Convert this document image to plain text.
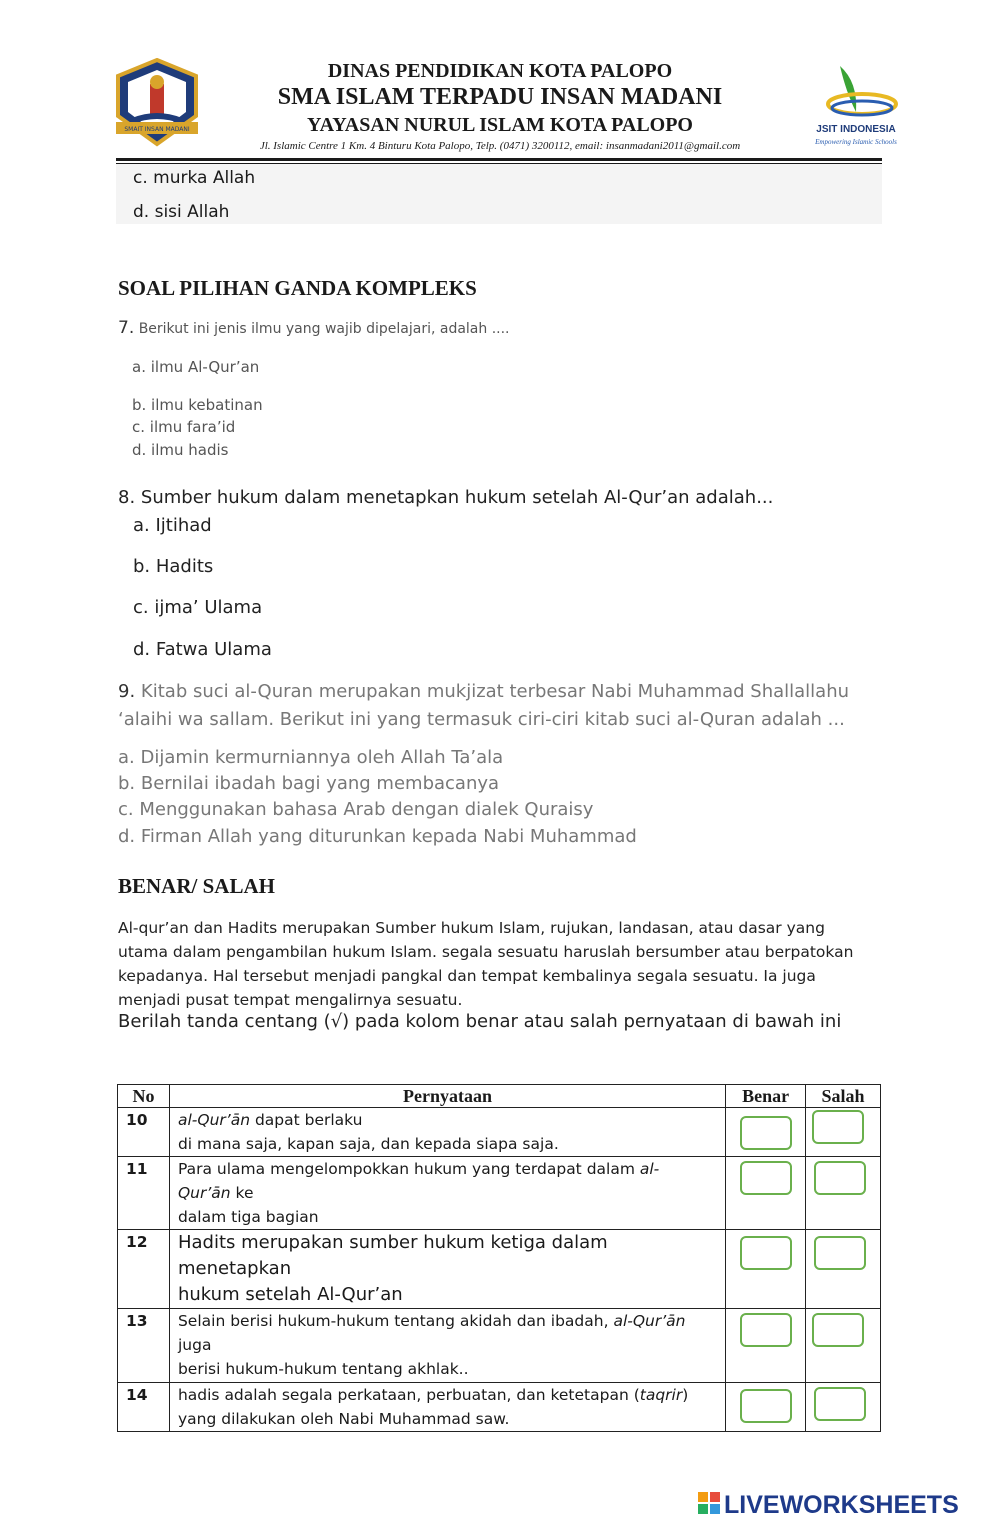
SMAIT INSAN MADANI	JSIT INDONESIA
Empowering Islamic Schools
DINAS PENDIDIKAN KOTA PALOPO
SMA ISLAM TERPADU INSAN MADANI
YAYASAN NURUL ISLAM KOTA PALOPO
Jl. Islamic Centre 1 Km. 4 Binturu Kota Palopo, Telp. (0471) 3200112, email: insanmadani2011@gmail.com
c. murka Allah
d. sisi Allah
SOAL PILIHAN GANDA KOMPLEKS
7. Berikut ini jenis ilmu yang wajib dipelajari, adalah ....
a. ilmu Al-Qur’an
b. ilmu kebatinan
c. ilmu fara’id
d. ilmu hadis
8. Sumber hukum dalam menetapkan hukum setelah Al-Qur’an adalah...
a. Ijtihad
b. Hadits
c. ijma’ Ulama
d. Fatwa Ulama
9. Kitab suci al-Quran merupakan mukjizat terbesar Nabi Muhammad Shallallahu ‘alaihi wa sallam. Berikut ini yang termasuk ciri-ciri kitab suci al-Quran adalah ...
a. Dijamin kermurniannya oleh Allah Ta’ala
b. Bernilai ibadah bagi yang membacanya
c. Menggunakan bahasa Arab dengan dialek Quraisy
d. Firman Allah yang diturunkan kepada Nabi Muhammad
BENAR/ SALAH
Al-qur’an dan Hadits merupakan Sumber hukum Islam, rujukan, landasan, atau dasar yang utama dalam pengambilan hukum Islam. segala sesuatu haruslah bersumber atau berpatokan kepadanya. Hal tersebut menjadi pangkal dan tempat kembalinya segala sesuatu. Ia juga menjadi pusat tempat mengalirnya sesuatu.
Berilah tanda centang (√) pada kolom benar atau salah pernyataan di bawah ini
No	Pernyataan	Benar	Salah
10	al-Qur’ān dapat berlaku
di mana saja, kapan saja, dan kepada siapa saja.	

11	Para ulama mengelompokkan hukum yang terdapat dalam al-
Qur’ān ke
dalam tiga bagian	

12	Hadits merupakan sumber hukum ketiga dalam menetapkan
hukum setelah Al-Qur’an	

13	Selain berisi hukum-hukum tentang akidah dan ibadah, al-Qur’ān
juga
berisi hukum-hukum tentang akhlak..	

14	hadis adalah segala perkataan, perbuatan, dan ketetapan (taqrir)
yang dilakukan oleh Nabi Muhammad saw.	

LIVEWORKSHEETS
